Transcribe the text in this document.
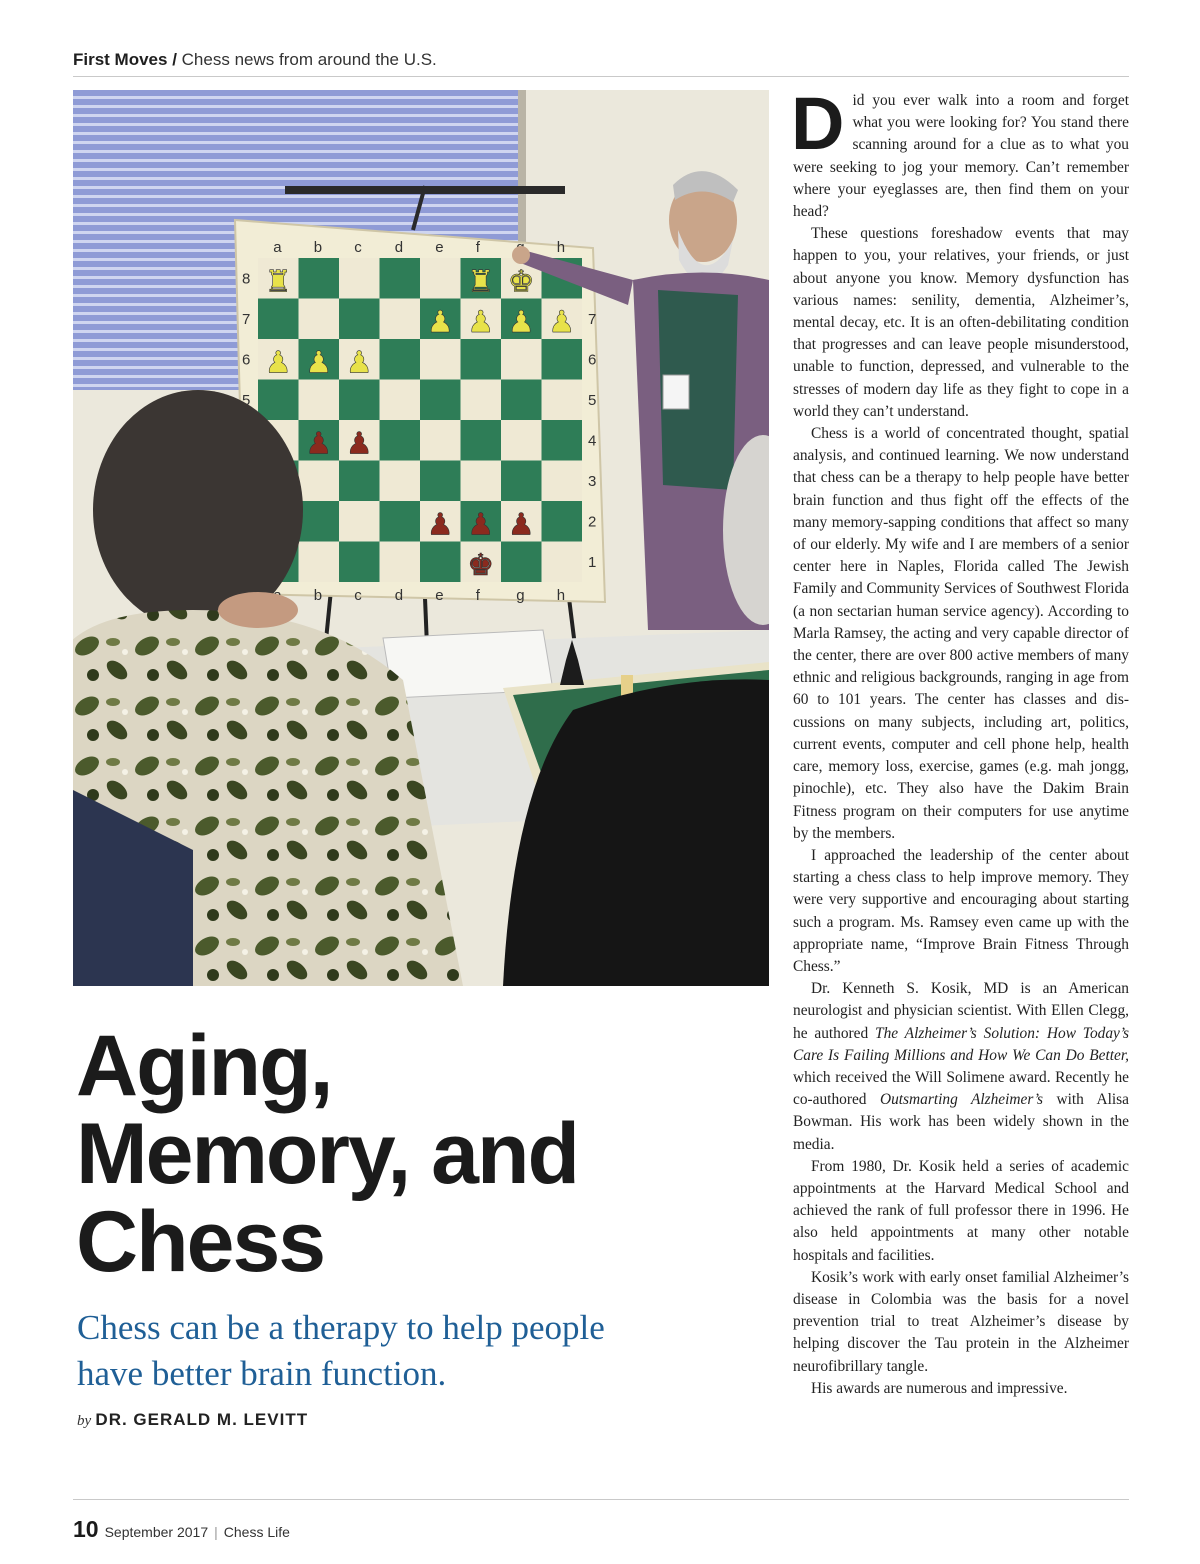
First Moves / Chess news from around the U.S.
a b
b
c
c
d
d
e
e
f
f g
h
h
8
7	7
6	6
5	5
4
3
2
1
♜	♜ ♚
♟ ♟ ♟ ♟
♟ ♟ ♟
♟ ♟
♟ ♟ ♟
♚
Aging,
Memory, and
Chess
Chess can be a therapy to help people
have better brain function.
by DR. GERALD M. LEVITT

Did you ever walk into a room and forget what you were looking for? You stand there scanning around for a clue as to what you were seeking to jog your memory. Can’t remember where your eyeglasses are, then find them on your head?

These questions foreshadow events that may happen to you, your relatives, your friends, or just about anyone you know. Memory dysfunction has various names: senility, dementia, Alzheimer’s, mental decay, etc. It is an often-debilitating condition that progresses and can leave people misunderstood, unable to function, depressed, and vulnerable to the stresses of modern day life as they fight to cope in a world they can’t understand.

Chess is a world of concentrated thought, spatial analysis, and continued learning. We now understand that chess can be a therapy to help people have better brain function and thus fight off the effects of the many memory-sapping conditions that affect so many of our elderly. My wife and I are members of a senior center here in Naples, Florida called The Jewish Family and Community Services of Southwest Florida (a non sectarian human service agency). According to Marla Ramsey, the acting and very capable director of the center, there are over 800 active members of many ethnic and religious backgrounds, ranging in age from 60 to 101 years. The center has classes and discussions on many subjects, including art, politics, current events, computer and cell phone help, health care, memory loss, exercise, games (e.g. mah jongg, pinochle), etc. They also have the Dakim Brain Fitness program on their computers for use anytime by the members.

I approached the leadership of the center about starting a chess class to help improve memory. They were very supportive and encouraging about starting such a program. Ms. Ramsey even came up with the appropriate name, “Improve Brain Fitness Through Chess.”

Dr. Kenneth S. Kosik, MD is an American neurologist and physician scientist. With Ellen Clegg, he authored The Alzheimer’s Solution: How Today’s Care Is Failing Millions and How We Can Do Better, which received the Will Solimene award. Recently he co-authored Outsmarting Alzheimer’s with Alisa Bowman. His work has been widely shown in the media.

From 1980, Dr. Kosik held a series of academic appointments at the Harvard Medical School and achieved the rank of full professor there in 1996. He also held appointments at many other notable hospitals and facilities.

Kosik’s work with early onset familial Alzheimer’s disease in Colombia was the basis for a novel prevention trial to treat Alzheimer’s disease by helping discover the Tau protein in the Alzheimer neurofibrillary tangle.

His awards are numerous and impressive.

10 September 2017 | Chess Life
